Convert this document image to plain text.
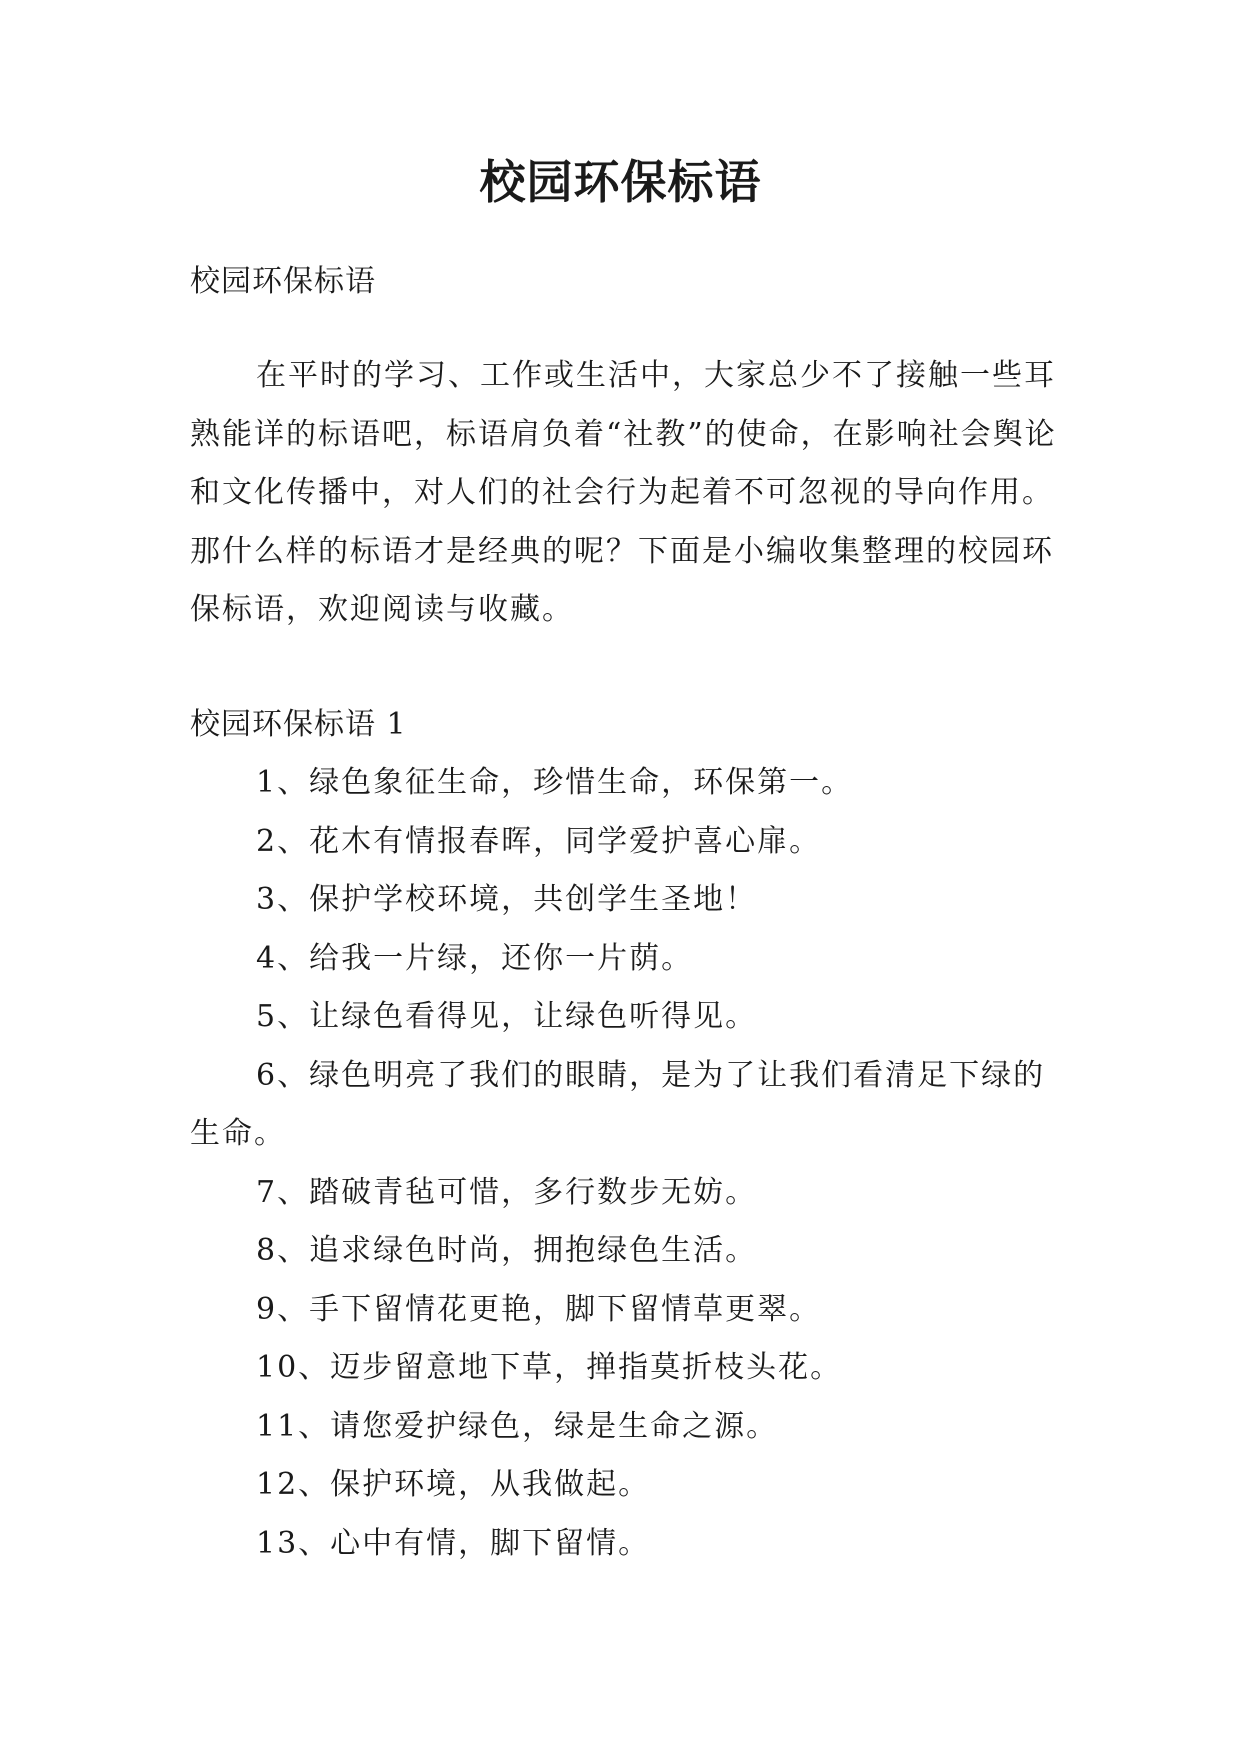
校园环保标语

校园环保标语

在平时的学习、工作或生活中，大家总少不了接触一些耳熟能详的标语吧，标语肩负着“社教”的使命，在影响社会舆论和文化传播中，对人们的社会行为起着不可忽视的导向作用。那什么样的标语才是经典的呢？下面是小编收集整理的校园环保标语，欢迎阅读与收藏。

校园环保标语 1

1、绿色象征生命，珍惜生命，环保第一。
2、花木有情报春晖，同学爱护喜心扉。
3、保护学校环境，共创学生圣地！
4、给我一片绿，还你一片荫。
5、让绿色看得见，让绿色听得见。
6、绿色明亮了我们的眼睛，是为了让我们看清足下绿的生命。
7、踏破青毡可惜，多行数步无妨。
8、追求绿色时尚，拥抱绿色生活。
9、手下留情花更艳，脚下留情草更翠。
10、迈步留意地下草，掸指莫折枝头花。
11、请您爱护绿色，绿是生命之源。
12、保护环境，从我做起。
13、心中有情，脚下留情。
